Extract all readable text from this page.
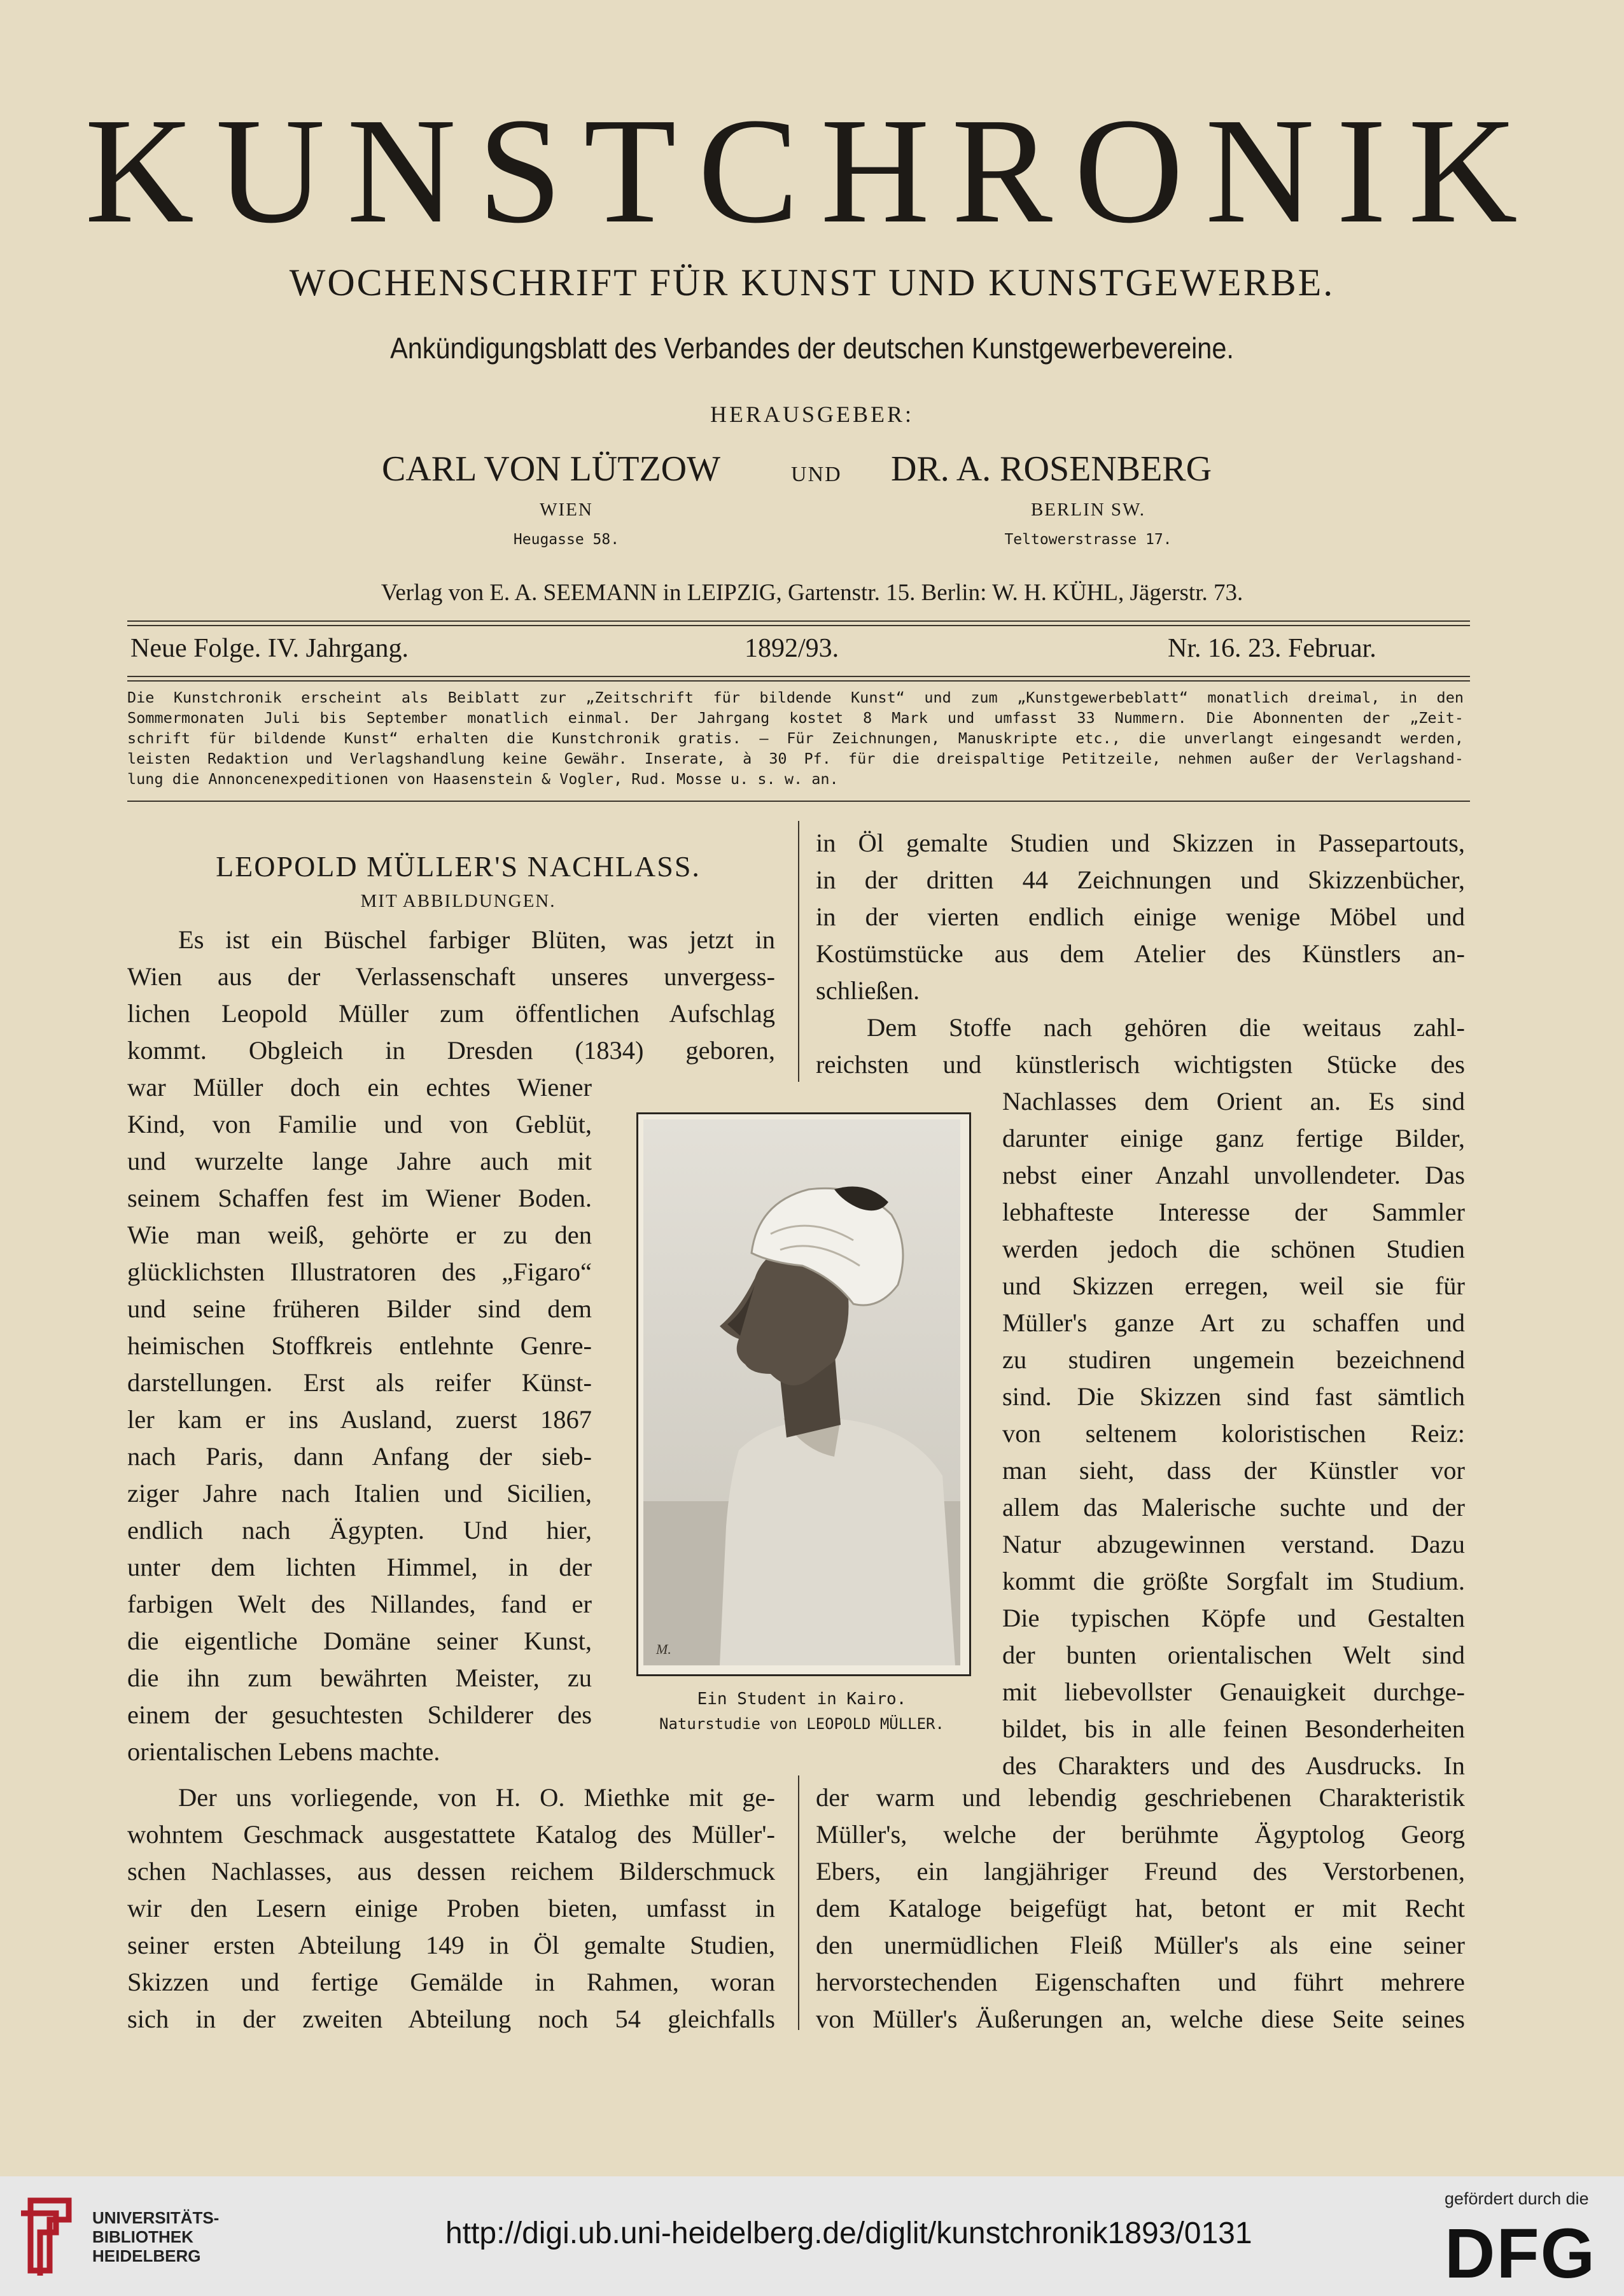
KUNSTCHRONIK
WOCHENSCHRIFT FÜR KUNST UND KUNSTGEWERBE.
Ankündigungsblatt des Verbandes der deutschen Kunstgewerbevereine.
HERAUSGEBER:
CARL VON LÜTZOW	UND DR. A. ROSENBERG
WIEN
Heugasse 58.
BERLIN SW.
Teltowerstrasse 17.
Verlag von E. A. SEEMANN in LEIPZIG, Gartenstr. 15. Berlin: W. H. KÜHL, Jägerstr. 73.
Neue Folge. IV. Jahrgang.	1892/93.	Nr. 16. 23. Februar.
Die Kunstchronik erscheint als Beiblatt zur „Zeitschrift für bildende Kunst“ und zum „Kunstgewerbeblatt“ monatlich dreimal, in den
Sommermonaten Juli bis September monatlich einmal. Der Jahrgang kostet 8 Mark und umfasst 33 Nummern. Die Abonnenten der „Zeit-
schrift für bildende Kunst“ erhalten die Kunstchronik gratis. — Für Zeichnungen, Manuskripte etc., die unverlangt eingesandt werden,
leisten Redaktion und Verlagshandlung keine Gewähr. Inserate, à 30 Pf. für die dreispaltige Petitzeile, nehmen außer der Verlagshand-
lung die Annoncenexpeditionen von Haasenstein & Vogler, Rud. Mosse u. s. w. an.
LEOPOLD MÜLLER'S NACHLASS.
MIT ABBILDUNGEN.
Es ist ein Büschel farbiger Blüten, was jetzt in
Wien aus der Verlassenschaft unseres unvergess-
lichen Leopold Müller zum öffentlichen Aufschlag
kommt. Obgleich in Dresden (1834) geboren,
war Müller doch ein echtes Wiener
Kind, von Familie und von Geblüt,
und wurzelte lange Jahre auch mit
seinem Schaffen fest im Wiener Boden.
Wie man weiß, gehörte er zu den
glücklichsten Illustratoren des „Figaro“
und seine früheren Bilder sind dem
heimischen Stoffkreis entlehnte Genre-
darstellungen. Erst als reifer Künst-
ler kam er ins Ausland, zuerst 1867
nach Paris, dann Anfang der sieb-
ziger Jahre nach Italien und Sicilien,
endlich nach Ägypten. Und hier,
unter dem lichten Himmel, in der
farbigen Welt des Nillandes, fand er
die eigentliche Domäne seiner Kunst,
die ihn zum bewährten Meister, zu
einem der gesuchtesten Schilderer des
orientalischen Lebens machte.
Der uns vorliegende, von H. O. Miethke mit ge-
wohntem Geschmack ausgestattete Katalog des Müller'-
schen Nachlasses, aus dessen reichem Bilderschmuck
wir den Lesern einige Proben bieten, umfasst in
seiner ersten Abteilung 149 in Öl gemalte Studien,
Skizzen und fertige Gemälde in Rahmen, woran
sich in der zweiten Abteilung noch 54 gleichfalls
in Öl gemalte Studien und Skizzen in Passepartouts,
in der dritten 44 Zeichnungen und Skizzenbücher,
in der vierten endlich einige wenige Möbel und
Kostümstücke aus dem Atelier des Künstlers an-
schließen.
Dem Stoffe nach gehören die weitaus zahl-
reichsten und künstlerisch wichtigsten Stücke des
Nachlasses dem Orient an. Es sind
darunter einige ganz fertige Bilder,
nebst einer Anzahl unvollendeter. Das
lebhafteste Interesse der Sammler
werden jedoch die schönen Studien
und Skizzen erregen, weil sie für
Müller's ganze Art zu schaffen und
zu studiren ungemein bezeichnend
sind. Die Skizzen sind fast sämtlich
von seltenem koloristischen Reiz:
man sieht, dass der Künstler vor
allem das Malerische suchte und der
Natur abzugewinnen verstand. Dazu
kommt die größte Sorgfalt im Studium.
Die typischen Köpfe und Gestalten
der bunten orientalischen Welt sind
mit liebevollster Genauigkeit durchge-
bildet, bis in alle feinen Besonderheiten
des Charakters und des Ausdrucks. In
der warm und lebendig geschriebenen Charakteristik
Müller's, welche der berühmte Ägyptolog Georg
Ebers, ein langjähriger Freund des Verstorbenen,
dem Kataloge beigefügt hat, betont er mit Recht
den unermüdlichen Fleiß Müller's als eine seiner
hervorstechenden Eigenschaften und führt mehrere
von Müller's Äußerungen an, welche diese Seite seines
M.
Ein Student in Kairo.
Naturstudie von LEOPOLD MÜLLER.
UNIVERSITÄTS-
BIBLIOTHEK
HEIDELBERG
http://digi.ub.uni-heidelberg.de/diglit/kunstchronik1893/0131
gefördert durch die
DFG
